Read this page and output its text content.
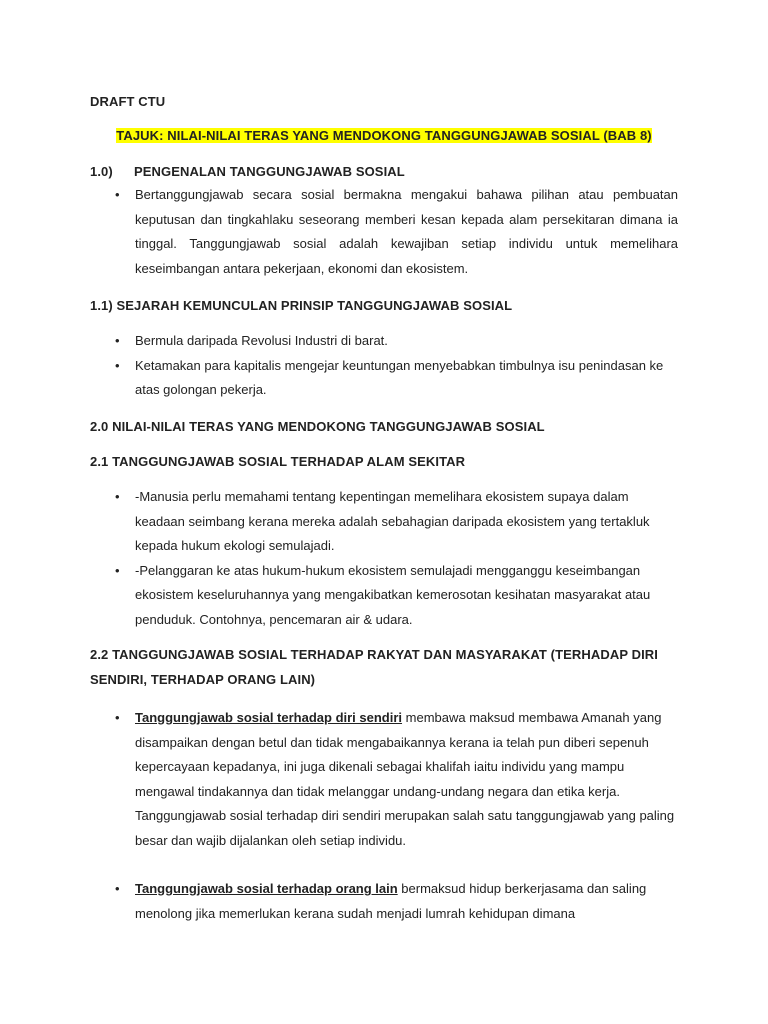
DRAFT CTU
TAJUK: NILAI-NILAI TERAS YANG MENDOKONG TANGGUNGJAWAB SOSIAL (BAB 8)
1.0) PENGENALAN TANGGUNGJAWAB SOSIAL
• Bertanggungjawab secara sosial bermakna mengakui bahawa pilihan atau pembuatan keputusan dan tingkahlaku seseorang memberi kesan kepada alam persekitaran dimana ia tinggal. Tanggungjawab sosial adalah kewajiban setiap individu untuk memelihara keseimbangan antara pekerjaan, ekonomi dan ekosistem.
1.1) SEJARAH KEMUNCULAN PRINSIP TANGGUNGJAWAB SOSIAL
• Bermula daripada Revolusi Industri di barat.
• Ketamakan para kapitalis mengejar keuntungan menyebabkan timbulnya isu penindasan ke atas golongan pekerja.
2.0 NILAI-NILAI TERAS YANG MENDOKONG TANGGUNGJAWAB SOSIAL
2.1 TANGGUNGJAWAB SOSIAL TERHADAP ALAM SEKITAR
• -Manusia perlu memahami tentang kepentingan memelihara ekosistem supaya dalam keadaan seimbang kerana mereka adalah sebahagian daripada ekosistem yang tertakluk kepada hukum ekologi semulajadi.
• -Pelanggaran ke atas hukum-hukum ekosistem semulajadi mengganggu keseimbangan ekosistem keseluruhannya yang mengakibatkan kemerosotan kesihatan masyarakat atau penduduk. Contohnya, pencemaran air & udara.
2.2 TANGGUNGJAWAB SOSIAL TERHADAP RAKYAT DAN MASYARAKAT (TERHADAP DIRI SENDIRI, TERHADAP ORANG LAIN)
• Tanggungjawab sosial terhadap diri sendiri membawa maksud membawa Amanah yang disampaikan dengan betul dan tidak mengabaikannya kerana ia telah pun diberi sepenuh kepercayaan kepadanya, ini juga dikenali sebagai khalifah iaitu individu yang mampu mengawal tindakannya dan tidak melanggar undang-undang negara dan etika kerja. Tanggungjawab sosial terhadap diri sendiri merupakan salah satu tanggungjawab yang paling besar dan wajib dijalankan oleh setiap individu.
• Tanggungjawab sosial terhadap orang lain bermaksud hidup berkerjasama dan saling menolong jika memerlukan kerana sudah menjadi lumrah kehidupan dimana
